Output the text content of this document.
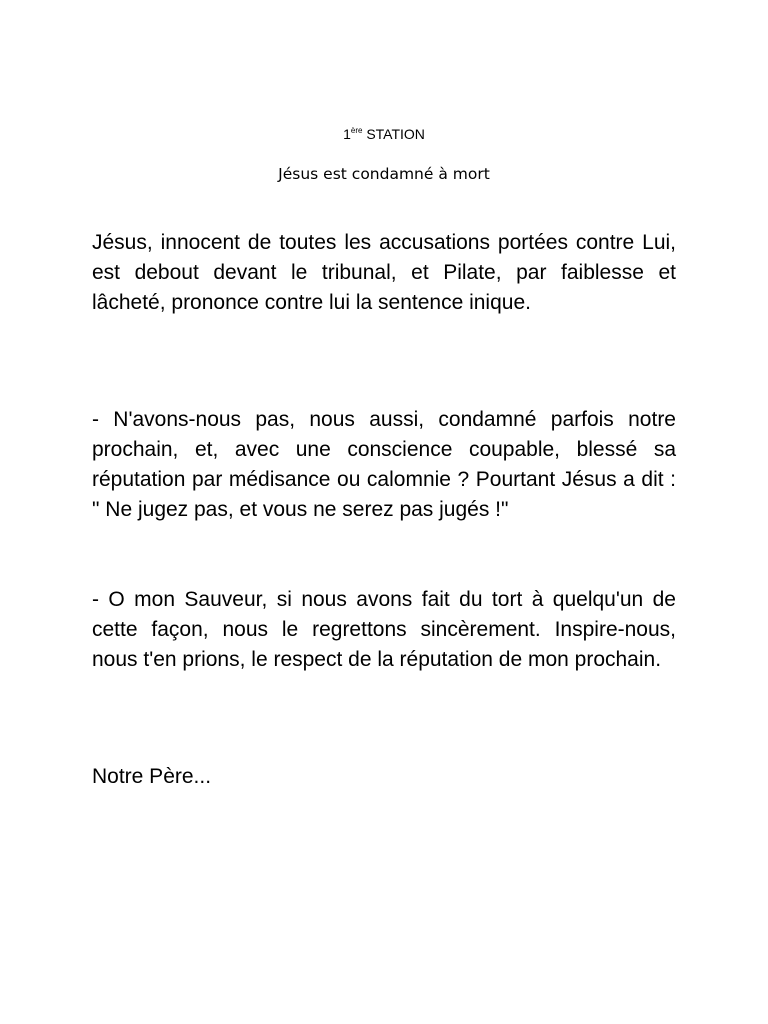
1ère STATION
Jésus est condamné à mort

Jésus, innocent de toutes les accusations portées contre Lui, est debout devant le tribunal, et Pilate, par faiblesse et lâcheté, prononce contre lui la sentence inique.

- N'avons-nous pas, nous aussi, condamné parfois notre prochain, et, avec une conscience coupable, blessé sa réputation par médisance ou calomnie ? Pourtant Jésus a dit : " Ne jugez pas, et vous ne serez pas jugés !"

- O mon Sauveur, si nous avons fait du tort à quelqu'un de cette façon, nous le regrettons sincèrement. Inspire-nous, nous t'en prions, le respect de la réputation de mon prochain.

Notre Père...
